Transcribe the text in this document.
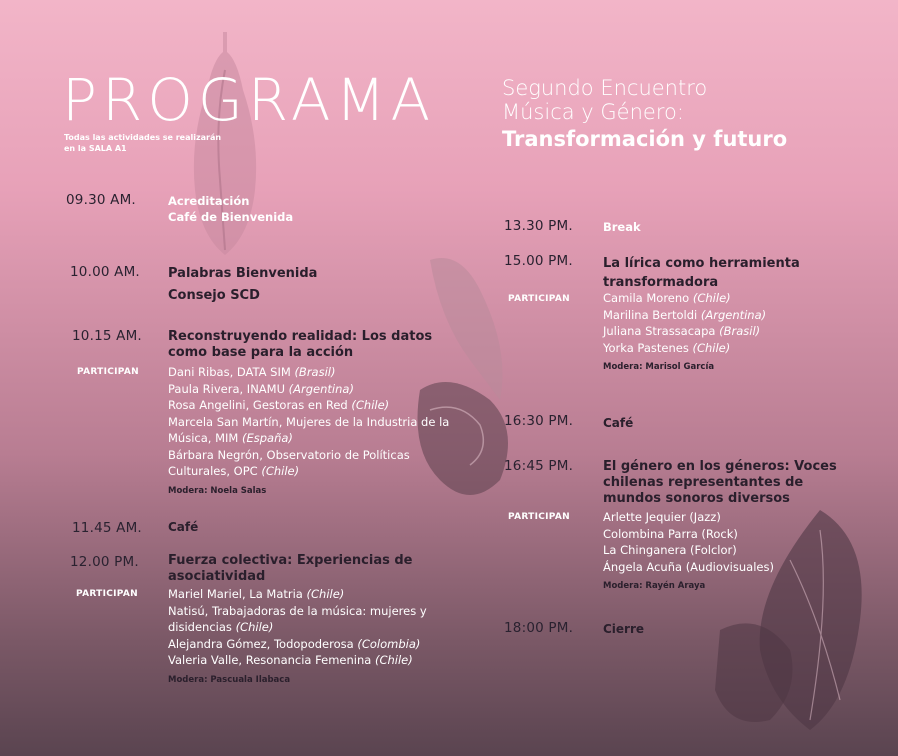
PROGRAMA
Todas las actividades se realizarán
en la SALA A1
Segundo Encuentro
Música y Género:
Transformación y futuro
09.30 AM.	Acreditación
Café de Bienvenida
10.00 AM. Palabras Bienvenida
Consejo SCD
10.15 AM. Reconstruyendo realidad: Los datos
como base para la acción
PARTICIPAN	Dani Ribas, DATA SIM (Brasil)
Paula Rivera, INAMU (Argentina)
Rosa Angelini, Gestoras en Red (Chile)
Marcela San Martín, Mujeres de la Industria de la
Música, MIM (España)
Bárbara Negrón, Observatorio de Políticas
Culturales, OPC (Chile)
Modera: Noela Salas
11.45 AM. Café
12.00 PM. Fuerza colectiva: Experiencias de
asociatividad
PARTICIPAN	Mariel Mariel, La Matria (Chile)
Natisú, Trabajadoras de la música: mujeres y
disidencias (Chile)
Alejandra Gómez, Todopoderosa (Colombia)
Valeria Valle, Resonancia Femenina (Chile)
Modera: Pascuala Ilabaca
13.30 PM.	Break
15.00 PM. La lírica como herramienta
transformadora
PARTICIPAN	Camila Moreno (Chile)
Marilina Bertoldi (Argentina)
Juliana Strassacapa (Brasil)
Yorka Pastenes (Chile)
Modera: Marisol García
16:30 PM. Café
16:45 PM. El género en los géneros: Voces
chilenas representantes de
mundos sonoros diversos
PARTICIPAN	Arlette Jequier (Jazz)
Colombina Parra (Rock)
La Chinganera (Folclor)
Ángela Acuña (Audiovisuales)
Modera: Rayén Araya
18:00 PM. Cierre
